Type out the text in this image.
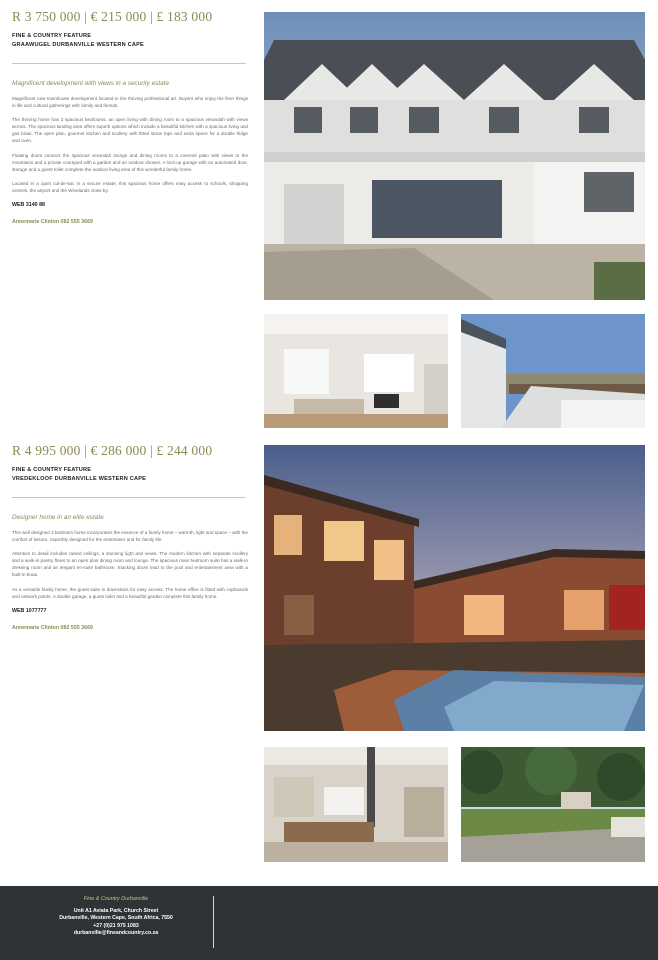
R 3 750 000 | € 215 000 | £ 183 000
FINE & COUNTRY FEATURE
GRAAWUGEL DURBANVILLE WESTERN CAPE
Magnificent development with views in a security estate

Magnificent new townhouse development located in the thriving professional art. Buyers who enjoy the finer things in life and cultural gatherings with family and friends.

The thriving home has 3 spacious bedrooms, an open living with dining room to a spacious verandah with views across. The spacious landing area offers superb options which include a beautiful kitchen with a spacious living and gas braai. The open plan, gourmet kitchen and scullery with fitted stone tops and extra space for a double fridge and oven.

Floating doors connect the spacious verandah lounge and dining rooms to a covered patio with views to the mountains and a private courtyard with a garden and an outdoor shower. A lock-up garage with an automated door, storage and a guest toilet complete the outdoor living area of this wonderful family home.

Located in a quiet cul-de-sac in a secure estate, this spacious home offers easy access to schools, shopping centres, the airport and the Winelands close by.

WEB 3140 88
Annemarie Clinton 082 555 3669
R 4 995 000 | € 286 000 | £ 244 000
FINE & COUNTRY FEATURE
VREDEKLOOF DURBANVILLE WESTERN CAPE
Designer home in an elite estate

This well designed 4 bedroom home incorporates the essence of a family home – warmth, light and space – with the comfort of leisure. Superbly designed for the entertainer and for family life.

Attention to detail includes raised ceilings, a stunning light and views. The modern kitchen with separate scullery and a walk-in pantry flows to an open plan dining room and lounge. The spacious main bedroom suite has a walk-in dressing room and an elegant en-suite bathroom. Stacking doors lead to the pool and entertainment area with a built-in braai.

As a versatile family home, the guest suite is downstairs for easy access. The home office is fitted with cupboards and network points. A double garage, a guest toilet and a beautiful garden complete this family home.

WEB 1077777
Annemarie Clinton 082 555 3669
Fine & Country Durbanville
Unit A1 Aviata Park, Church Street
Durbanville, Western Cape, South Africa, 7550
+27 (0)21 975 1083
durbanville@fineandcountry.co.za
